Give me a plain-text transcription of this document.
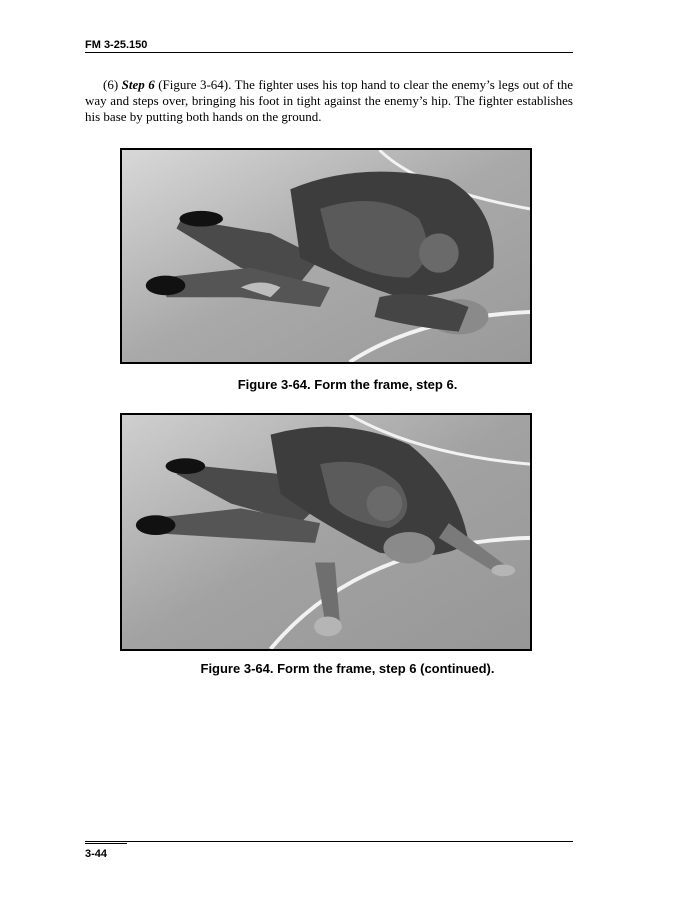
FM 3-25.150

(6) Step 6 (Figure 3-64). The fighter uses his top hand to clear the enemy’s legs out of the way and steps over, bringing his foot in tight against the enemy’s hip. The fighter establishes his base by putting both hands on the ground.

Figure 3-64. Form the frame, step 6.
Figure 3-64. Form the frame, step 6 (continued).
3-44
